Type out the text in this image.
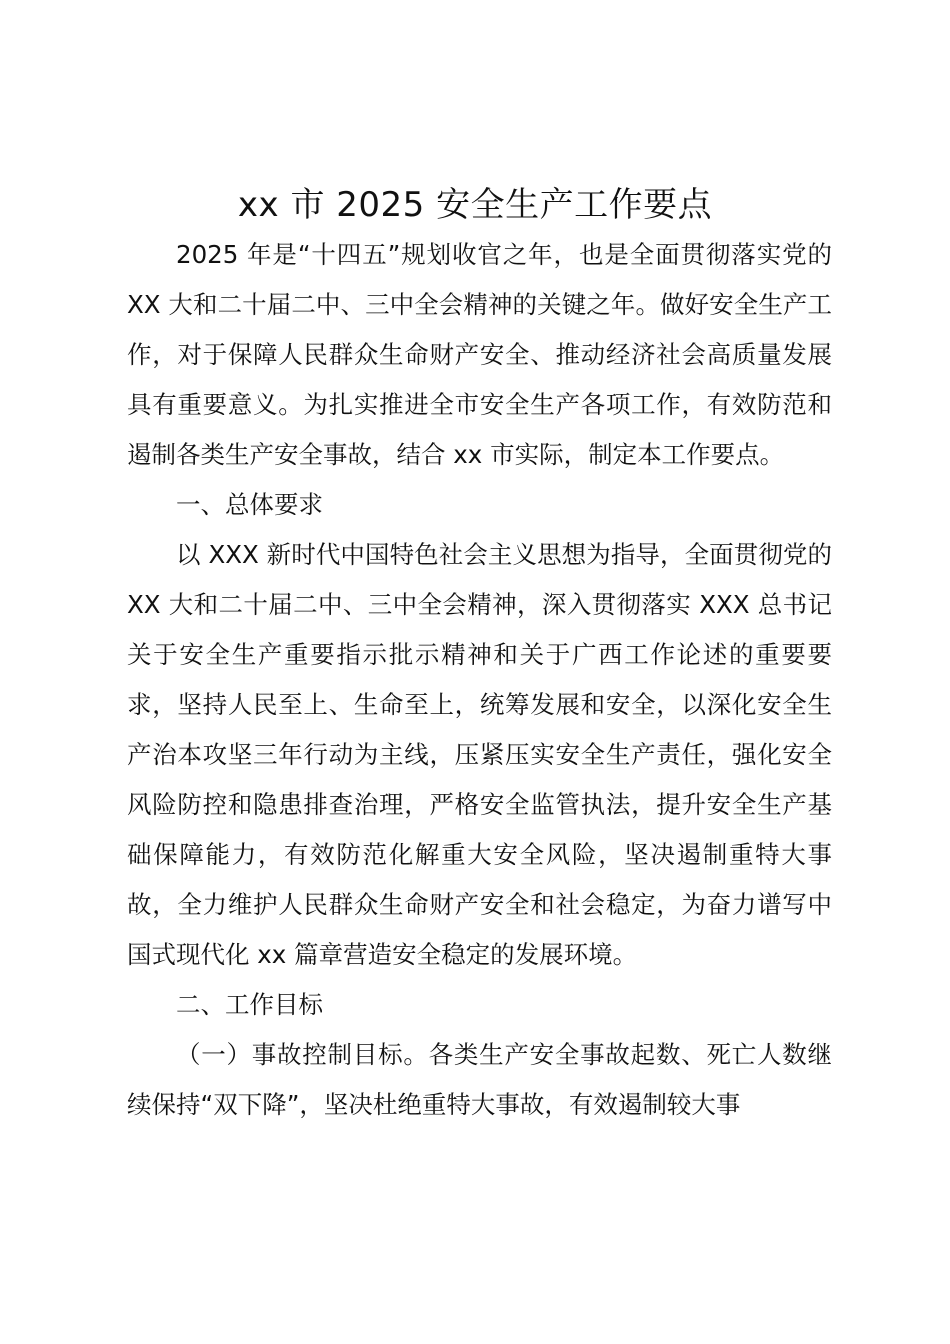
xx 市 2025 安全生产工作要点

2025 年是“十四五”规划收官之年，也是全面贯彻落实党的 XX 大和二十届二中、三中全会精神的关键之年。做好安全生产工作，对于保障人民群众生命财产安全、推动经济社会高质量发展具有重要意义。为扎实推进全市安全生产各项工作，有效防范和遏制各类生产安全事故，结合 xx 市实际，制定本工作要点。

一、总体要求

以 XXX 新时代中国特色社会主义思想为指导，全面贯彻党的 XX 大和二十届二中、三中全会精神，深入贯彻落实 XXX 总书记关于安全生产重要指示批示精神和关于广西工作论述的重要要求，坚持人民至上、生命至上，统筹发展和安全，以深化安全生产治本攻坚三年行动为主线，压紧压实安全生产责任，强化安全风险防控和隐患排查治理，严格安全监管执法，提升安全生产基础保障能力，有效防范化解重大安全风险，坚决遏制重特大事故，全力维护人民群众生命财产安全和社会稳定，为奋力谱写中国式现代化 xx 篇章营造安全稳定的发展环境。

二、工作目标

（一）事故控制目标。各类生产安全事故起数、死亡人数继续保持“双下降”，坚决杜绝重特大事故，有效遏制较大事
